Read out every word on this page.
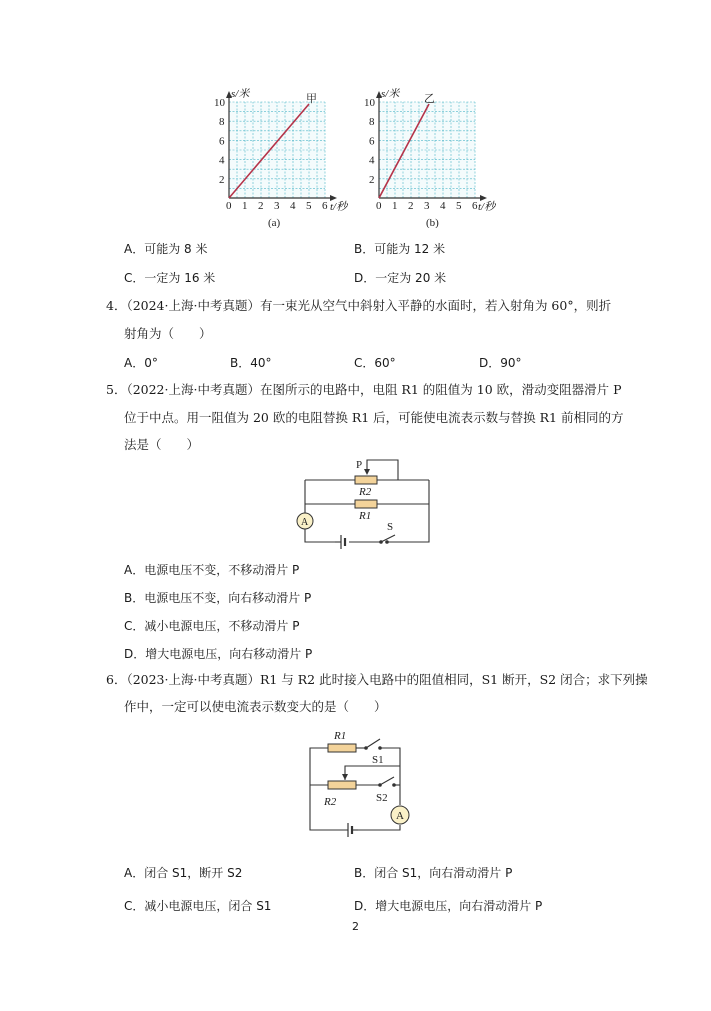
s/米	甲
t/秒
2
4
6
8
10
0 1 2 3 4 5 6
(a)
s/米 乙
t/秒
2
4
6
8
10
0 1 2 3 4 5 6
(b)
A．可能为 8 米	B．可能为 12 米
C．一定为 16 米	D．一定为 20 米
4．（2024·上海·中考真题）有一束光从空气中斜射入平静的水面时，若入射角为 60°，则折
射角为（　　）
A．0°	B．40°	C．60°	D．90°
5．（2022·上海·中考真题）在图所示的电路中，电阻 R1 的阻值为 10 欧，滑动变阻器滑片 P
位于中点。用一阻值为 20 欧的电阻替换 R1 后，可能使电流表示数与替换 R1 前相同的方
法是（　　）
A
P
R2
R1
S
A．电源电压不变，不移动滑片 P
B．电源电压不变，向右移动滑片 P
C．减小电源电压，不移动滑片 P
D．增大电源电压，向右移动滑片 P
6．（2023·上海·中考真题）R1 与 R2 此时接入电路中的阻值相同，S1 断开，S2 闭合；求下列操
作中，一定可以使电流表示数变大的是（　　）
A
R1
R2
S1
S2
A．闭合 S1，断开 S2	B．闭合 S1，向右滑动滑片 P
C．减小电源电压，闭合 S1	D．增大电源电压，向右滑动滑片 P
2
